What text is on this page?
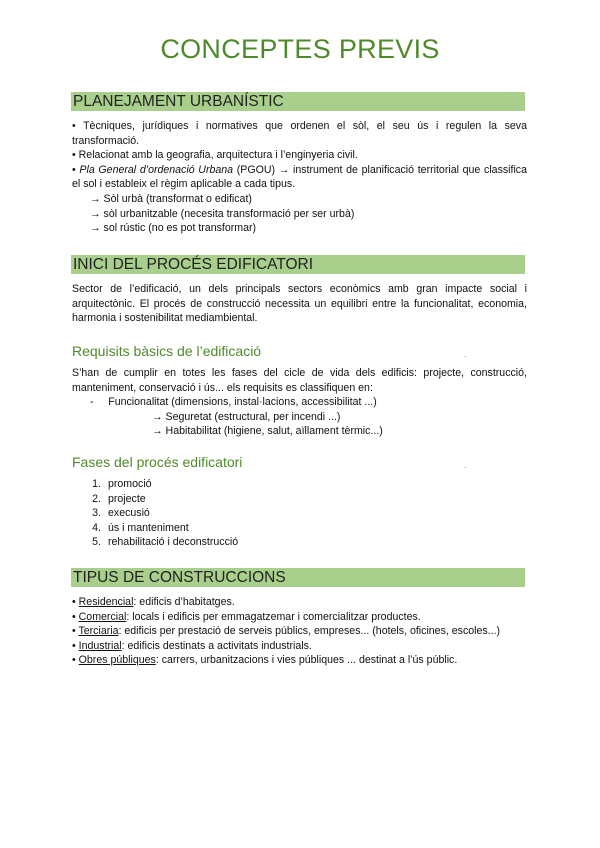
CONCEPTES PREVIS
PLANEJAMENT URBANÍSTIC
• Tècniques, jurídiques i normatives que ordenen el sòl, el seu ús i regulen la seva transformació.
• Relacionat amb la geografia, arquitectura i l’enginyeria civil.
• Pla General d’ordenació Urbana (PGOU) → instrument de planificació territorial que classifica el sol i estableix el règim aplicable a cada tipus.
→ Sòl urbà (transformat o edificat)
→ sòl urbanitzable (necesita transformació per ser urbà)
→ sol rústic (no es pot transformar)
INICI DEL PROCÉS EDIFICATORI
Sector de l’edificació, un dels principals sectors econòmics amb gran impacte social i arquitectònic. El procés de construcció necessita un equilibri entre la funcionalitat, economia, harmonia i sostenibilitat mediambiental.
Requisits bàsics de l’edificació	.
S’han de cumplir en totes les fases del cicle de vida dels edificis: projecte, construcció, manteniment, conservació i ús... els requisits es classifiquen en:
-     Funcionalitat (dimensions, instal·lacions, accessibilitat ...)
→ Seguretat (estructural, per incendi ...)
→ Habitabilitat (higiene, salut, aïllament tèrmic...)
Fases del procés edificatori	.
1. promoció
2. projecte
3. execusió
4. ús i manteniment
5. rehabilitació i deconstrucció
TIPUS DE CONSTRUCCIONS
• Residencial: edificis d’habitatges.
• Comercial: locals i edificis per emmagatzemar i comercialitzar productes.
• Terciaria: edificis per prestació de serveis públics, empreses... (hotels, oficines, escoles...)
• Industrial: edificis destinats a activitats industrials.
• Obres públiques: carrers, urbanitzacions i vies públiques ... destinat a l’ús públic.
